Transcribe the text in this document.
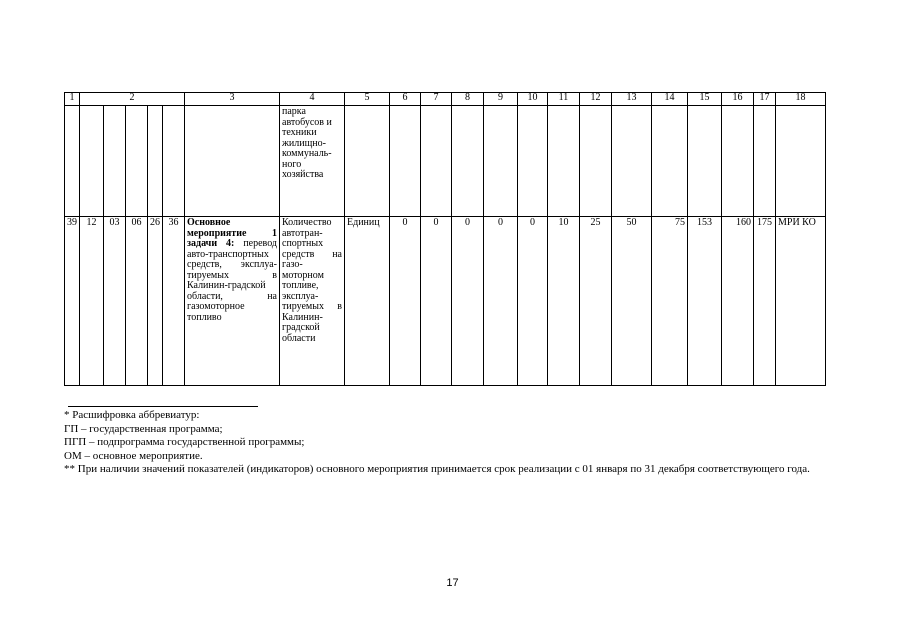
1	2					3	4	5	6	7	8	9	10	11	12	13	14	15	16	17	18
							парка автобусов и техники жилищно-коммуналь-ного хозяйства														
39	12	03	06	26	36	Основное мероприятие 1 задачи 4: перевод авто-транспортных средств, эксплуа-тируемых в Калинин-градской области, на газомоторное топливо	Количество автотран-спортных средств на газо-моторном топливе, эксплуа-тируемых в Калинин-градской области	Единиц	0	0	0	0	0	10	25	50	75	153	160	175	МРИ КО
* Расшифровка аббревиатур:
ГП – государственная программа;
ПГП – подпрограмма государственной программы;
ОМ – основное мероприятие.
** При наличии значений показателей (индикаторов) основного мероприятия принимается срок реализации с 01 января по 31 декабря соответствующего года.
17
